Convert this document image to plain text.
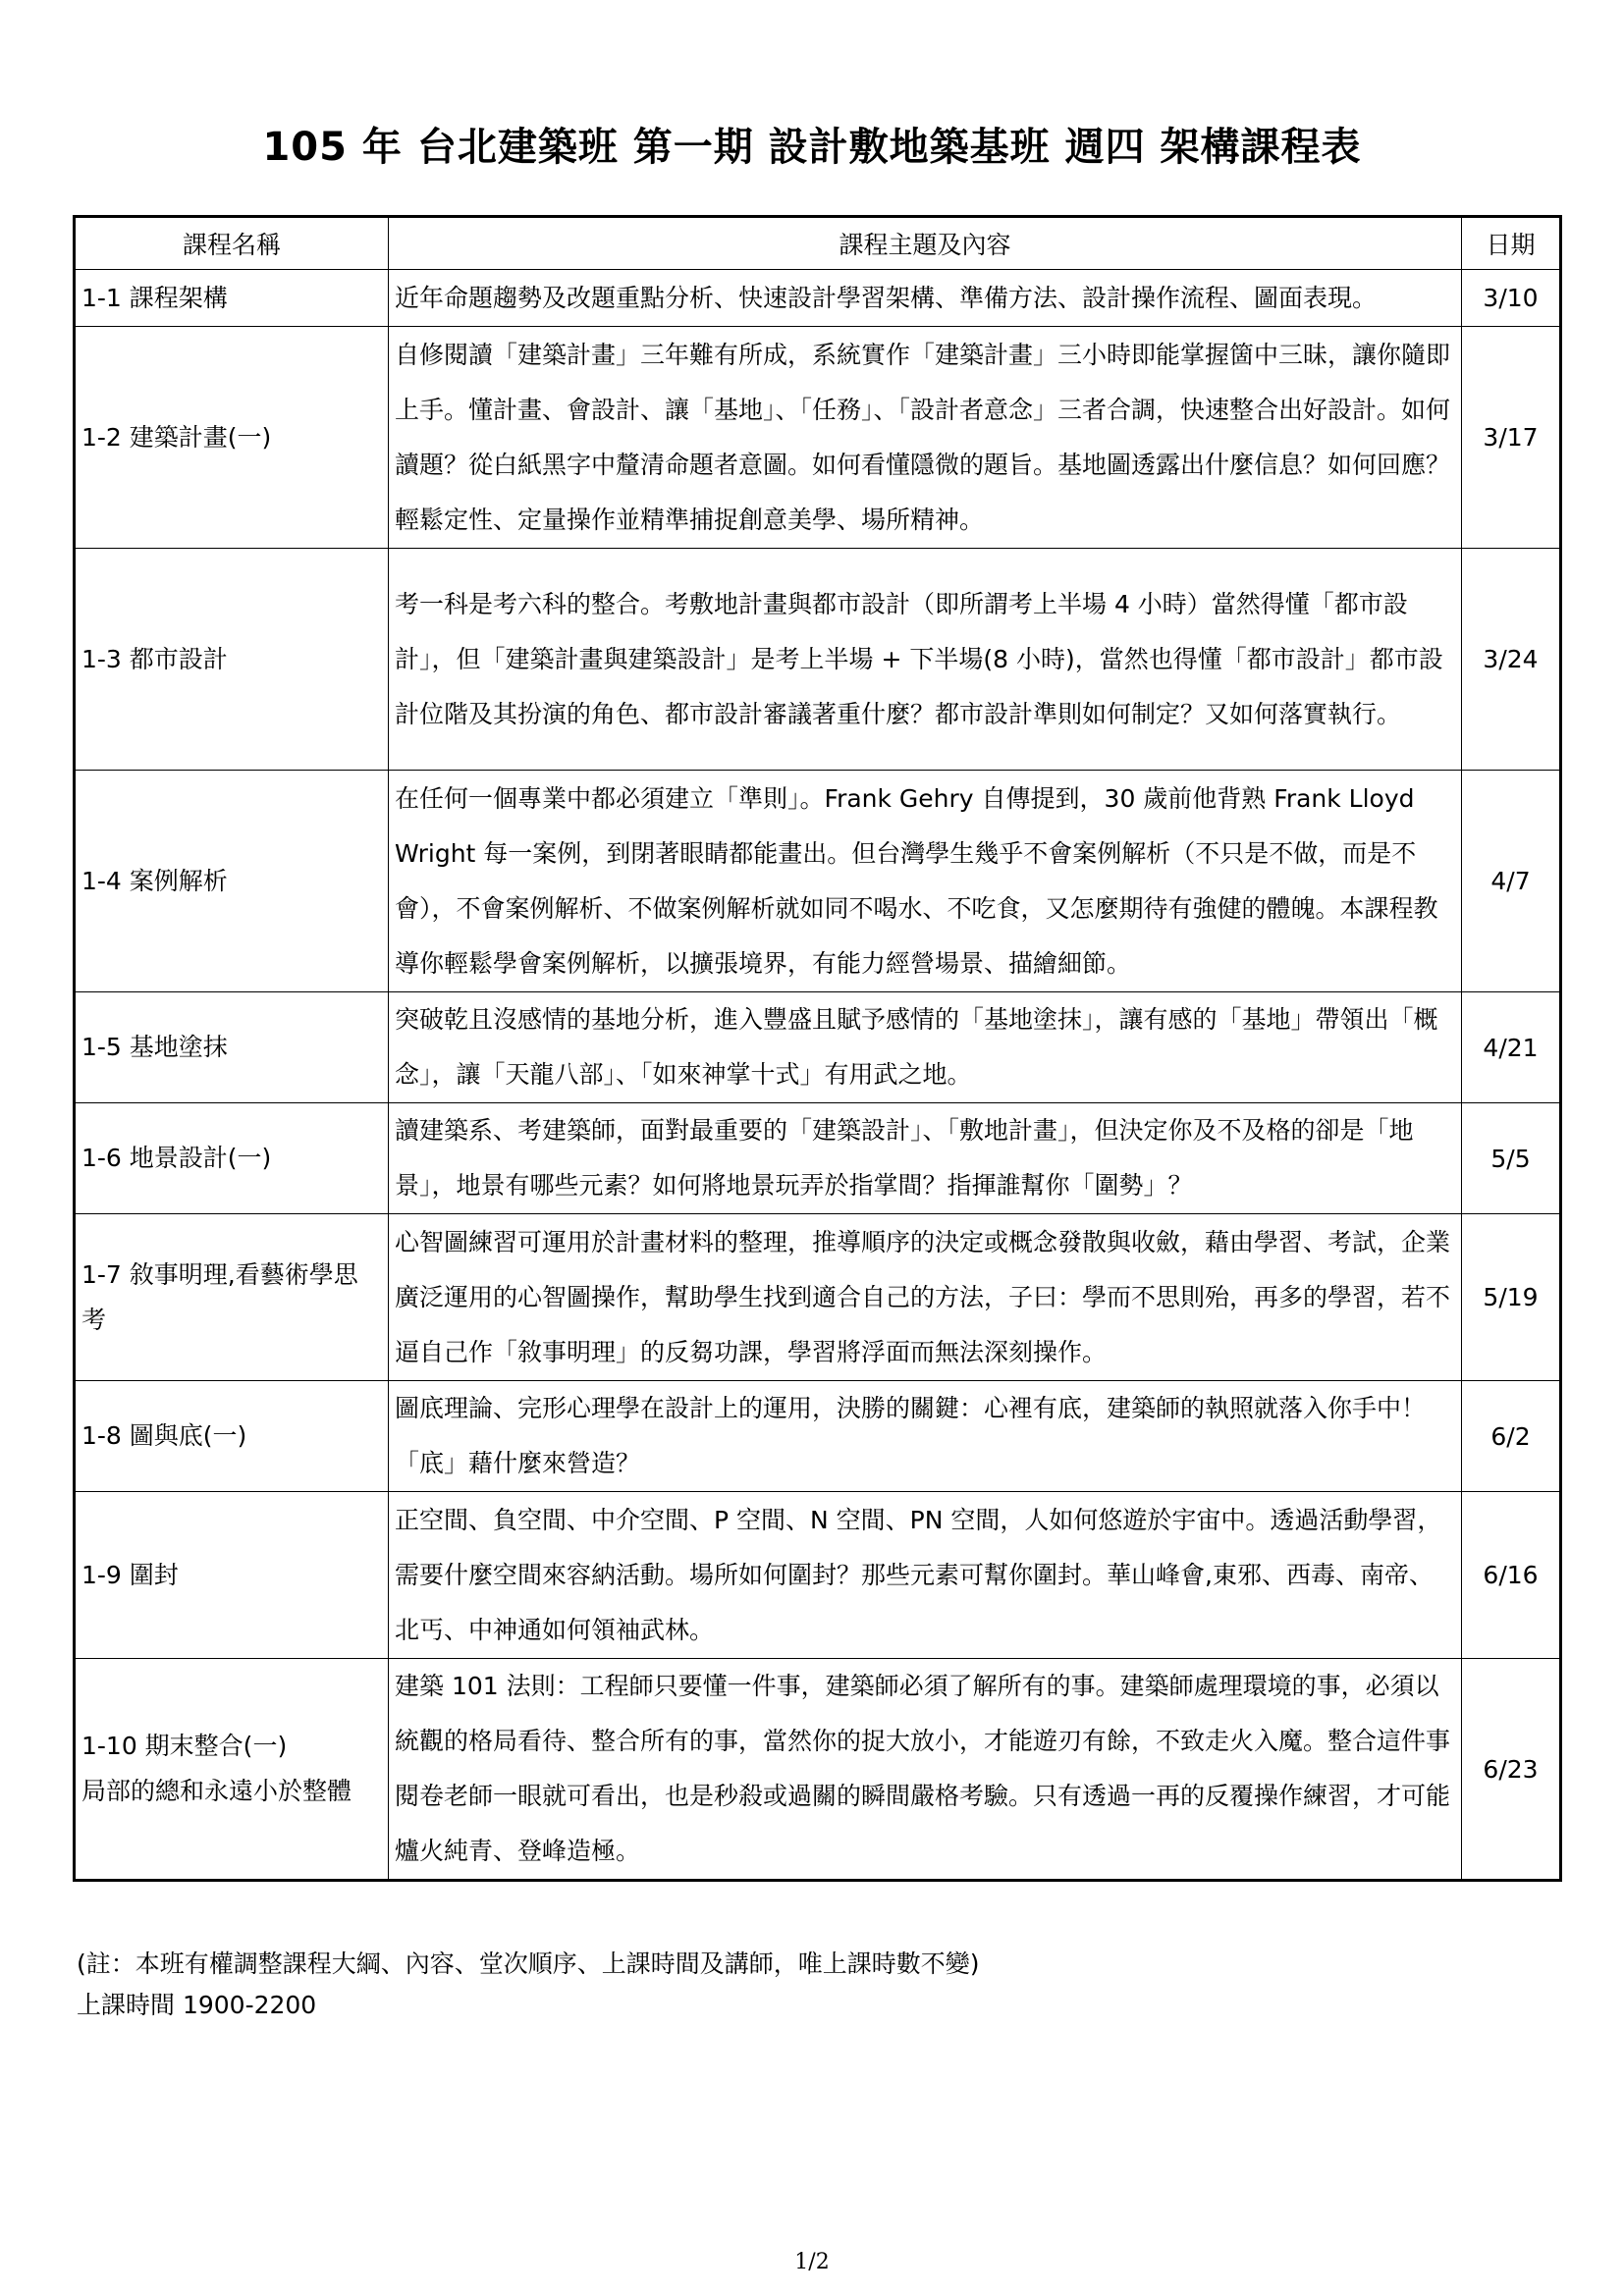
105 年 台北建築班 第一期 設計敷地築基班 週四 架構課程表
課程名稱	課程主題及內容	日期
1-1 課程架構	近年命題趨勢及改題重點分析、快速設計學習架構、準備方法、設計操作流程、圖面表現。	3/10
1-2 建築計畫(一)	自修閱讀「建築計畫」三年難有所成，系統實作「建築計畫」三小時即能掌握箇中三昧，讓你隨即上手。懂計畫、會設計、讓「基地」、「任務」、「設計者意念」三者合調，快速整合出好設計。如何讀題？從白紙黑字中釐清命題者意圖。如何看懂隱微的題旨。基地圖透露出什麼信息？如何回應？輕鬆定性、定量操作並精準捕捉創意美學、場所精神。	3/17
1-3 都市設計	考一科是考六科的整合。考敷地計畫與都市設計（即所謂考上半場 4 小時）當然得懂「都市設計」，但「建築計畫與建築設計」是考上半場 + 下半場(8 小時)，當然也得懂「都市設計」都市設計位階及其扮演的角色、都市設計審議著重什麼？都市設計準則如何制定？又如何落實執行。	3/24
1-4 案例解析	在任何一個專業中都必須建立「準則」。Frank Gehry 自傳提到，30 歲前他背熟 Frank Lloyd Wright 每一案例，到閉著眼睛都能畫出。但台灣學生幾乎不會案例解析（不只是不做，而是不會），不會案例解析、不做案例解析就如同不喝水、不吃食，又怎麼期待有強健的體魄。本課程教導你輕鬆學會案例解析，以擴張境界，有能力經營場景、描繪細節。	4/7
1-5 基地塗抹	突破乾且沒感情的基地分析，進入豐盛且賦予感情的「基地塗抹」，讓有感的「基地」帶領出「概念」，讓「天龍八部」、「如來神掌十式」有用武之地。	4/21
1-6 地景設計(一)	讀建築系、考建築師，面對最重要的「建築設計」、「敷地計畫」，但決定你及不及格的卻是「地景」，地景有哪些元素？如何將地景玩弄於指掌間？指揮誰幫你「圍勢」？	5/5
1-7 敘事明理,看藝術學思考	心智圖練習可運用於計畫材料的整理，推導順序的決定或概念發散與收斂，藉由學習、考試，企業廣泛運用的心智圖操作，幫助學生找到適合自己的方法，子曰：學而不思則殆，再多的學習，若不逼自己作「敘事明理」的反芻功課，學習將浮面而無法深刻操作。	5/19
1-8 圖與底(一)	圖底理論、完形心理學在設計上的運用，決勝的關鍵：心裡有底，建築師的執照就落入你手中！「底」藉什麼來營造？	6/2
1-9 圍封	正空間、負空間、中介空間、P 空間、N 空間、PN 空間，人如何悠遊於宇宙中。透過活動學習，需要什麼空間來容納活動。場所如何圍封？那些元素可幫你圍封。華山峰會,東邪、西毒、南帝、北丐、中神通如何領袖武林。	6/16
1-10 期末整合(一)
局部的總和永遠小於整體	建築 101 法則：工程師只要懂一件事，建築師必須了解所有的事。建築師處理環境的事，必須以統觀的格局看待、整合所有的事，當然你的捉大放小，才能遊刃有餘，不致走火入魔。整合這件事閱卷老師一眼就可看出，也是秒殺或過關的瞬間嚴格考驗。只有透過一再的反覆操作練習，才可能爐火純青、登峰造極。	6/23
(註：本班有權調整課程大綱、內容、堂次順序、上課時間及講師，唯上課時數不變)
上課時間 1900-2200
1/2
